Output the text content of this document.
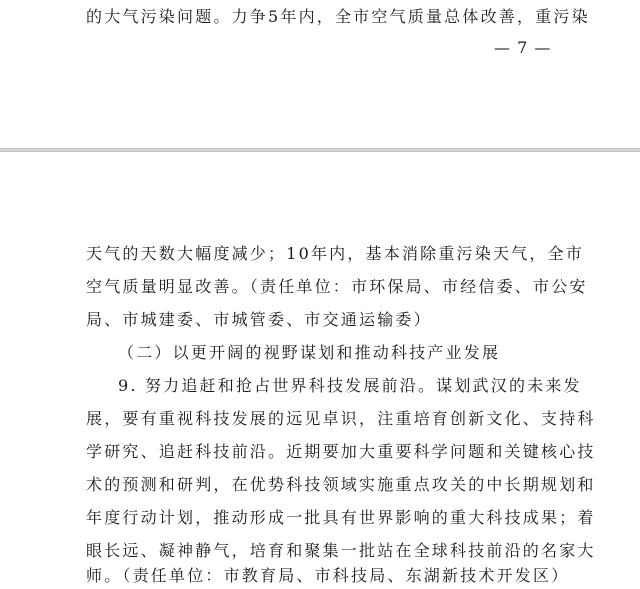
的大气污染问题。力争5年内，全市空气质量总体改善，重污染
— 7 —
天气的天数大幅度减少；10年内，基本消除重污染天气，全市
空气质量明显改善。（责任单位：市环保局、市经信委、市公安
局、市城建委、市城管委、市交通运输委）
（二）以更开阔的视野谋划和推动科技产业发展
9. 努力追赶和抢占世界科技发展前沿。谋划武汉的未来发
展，要有重视科技发展的远见卓识，注重培育创新文化、支持科
学研究、追赶科技前沿。近期要加大重要科学问题和关键核心技
术的预测和研判，在优势科技领域实施重点攻关的中长期规划和
年度行动计划，推动形成一批具有世界影响的重大科技成果；着
眼长远、凝神静气，培育和聚集一批站在全球科技前沿的名家大
师。（责任单位：市教育局、市科技局、东湖新技术开发区）
